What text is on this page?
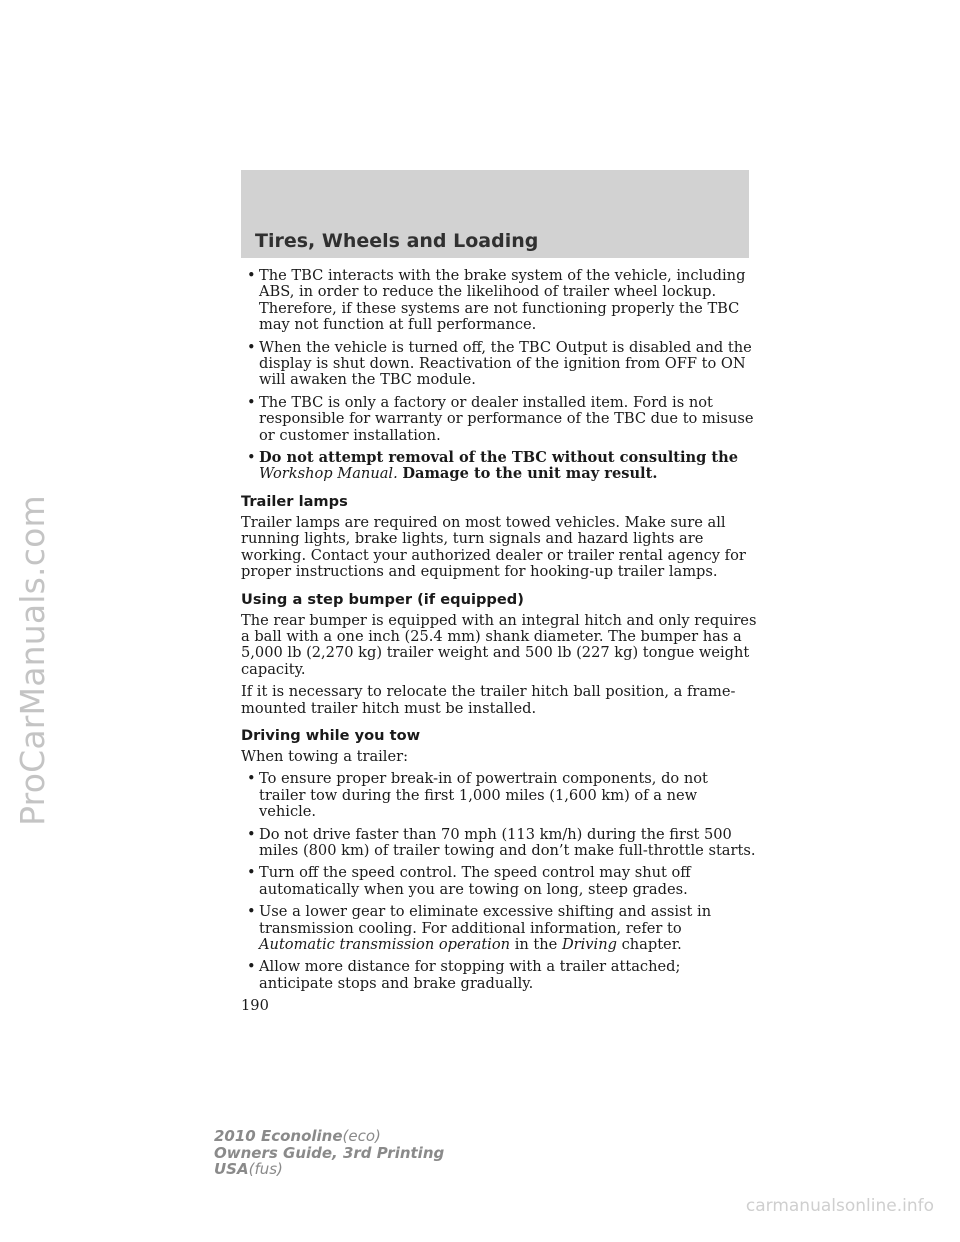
ProCarManuals.com
Tires, Wheels and Loading
• The TBC interacts with the brake system of the vehicle, including ABS, in order to reduce the likelihood of trailer wheel lockup. Therefore, if these systems are not functioning properly the TBC may not function at full performance.
• When the vehicle is turned off, the TBC Output is disabled and the display is shut down. Reactivation of the ignition from OFF to ON will awaken the TBC module.
• The TBC is only a factory or dealer installed item. Ford is not responsible for warranty or performance of the TBC due to misuse or customer installation.
• Do not attempt removal of the TBC without consulting the Workshop Manual. Damage to the unit may result.
Trailer lamps

Trailer lamps are required on most towed vehicles. Make sure all running lights, brake lights, turn signals and hazard lights are working. Contact your authorized dealer or trailer rental agency for proper instructions and equipment for hooking-up trailer lamps.

Using a step bumper (if equipped)

The rear bumper is equipped with an integral hitch and only requires a ball with a one inch (25.4 mm) shank diameter. The bumper has a 5,000 lb (2,270 kg) trailer weight and 500 lb (227 kg) tongue weight capacity.

If it is necessary to relocate the trailer hitch ball position, a frame-mounted trailer hitch must be installed.

Driving while you tow

When towing a trailer:

• To ensure proper break-in of powertrain components, do not trailer tow during the first 1,000 miles (1,600 km) of a new vehicle.
• Do not drive faster than 70 mph (113 km/h) during the first 500 miles (800 km) of trailer towing and don’t make full-throttle starts.
• Turn off the speed control. The speed control may shut off automatically when you are towing on long, steep grades.
• Use a lower gear to eliminate excessive shifting and assist in transmission cooling. For additional information, refer to Automatic transmission operation in the Driving chapter.
• Allow more distance for stopping with a trailer attached; anticipate stops and brake gradually.
190
2010 Econoline(eco)
Owners Guide, 3rd Printing
USA(fus)
carmanualsonline.info
